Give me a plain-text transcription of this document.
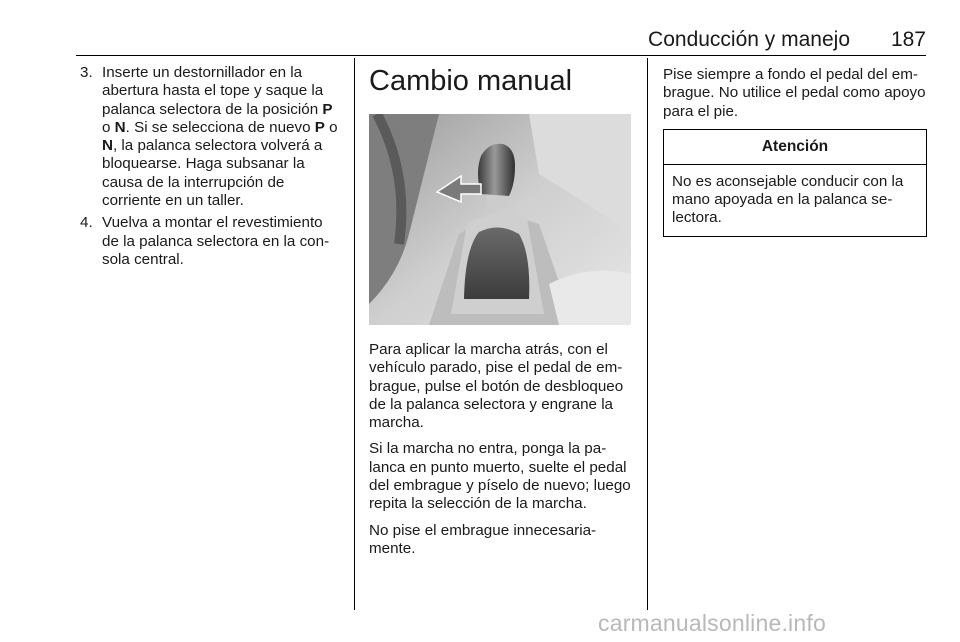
Conducción y manejo	187
3. Inserte un destornillador en la abertura hasta el tope y saque la palanca selectora de la posición P o N. Si se selecciona de nuevo P o N, la palanca selectora volverá a bloquearse. Haga subsanar la causa de la interrupción de corriente en un taller.
4. Vuelva a montar el revestimiento de la palanca selectora en la consola central.
Cambio manual

Para aplicar la marcha atrás, con el vehículo parado, pise el pedal de embrague, pulse el botón de desbloqueo de la palanca selectora y engrane la marcha.

Si la marcha no entra, ponga la palanca en punto muerto, suelte el pedal del embrague y píselo de nuevo; luego repita la selección de la marcha.

No pise el embrague innecesariamente.

Pise siempre a fondo el pedal del embrague. No utilice el pedal como apoyo para el pie.

Atención
No es aconsejable conducir con la mano apoyada en la palanca selectora.
carmanualsonline.info
